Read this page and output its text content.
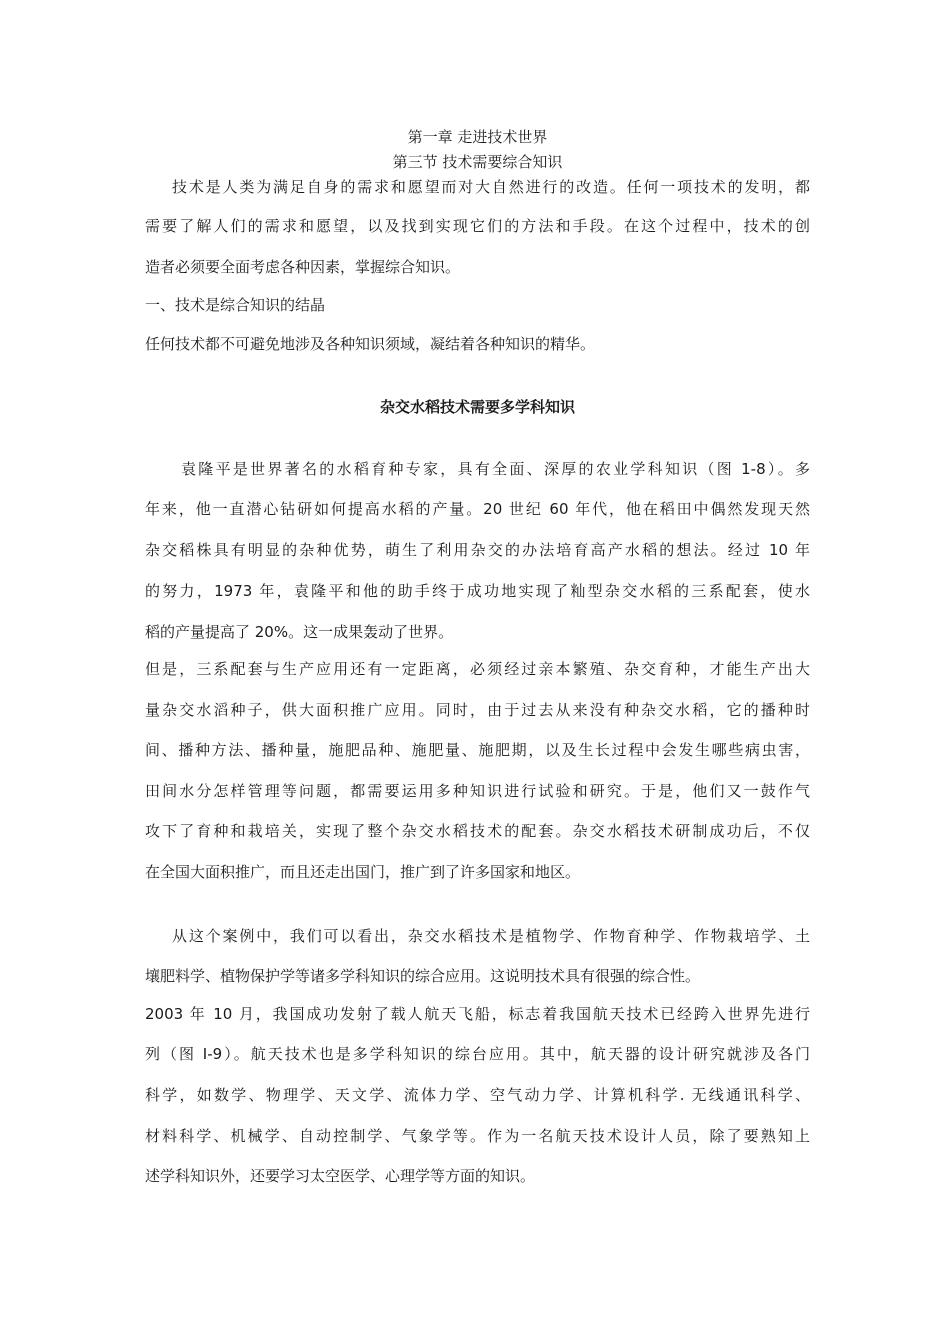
第一章 走进技术世界
第三节 技术需要综合知识
技术是人类为满足自身的需求和愿望而对大自然进行的改造。任何一项技术的发明，都
需要了解人们的需求和愿望，以及找到实现它们的方法和手段。在这个过程中，技术的创
造者必须要全面考虑各种因素，掌握综合知识。
一、技术是综合知识的结晶
任何技术都不可避免地涉及各种知识须域，凝结着各种知识的精华。
杂交水稻技术需要多学科知识
袁隆平是世界著名的水稻育种专家，具有全面、深厚的农业学科知识（图 1-8）。多
年来，他一直潜心钻研如何提高水稻的产量。20 世纪 60 年代，他在稻田中偶然发现天然
杂交稻株具有明显的杂种优势，萌生了利用杂交的办法培育高产水稻的想法。经过 10 年
的努力，1973 年，袁隆平和他的助手终于成功地实现了籼型杂交水稻的三系配套，使水
稻的产量提高了 20%。这一成果轰动了世界。
但是，三系配套与生产应用还有一定距离，必须经过亲本繁殖、杂交育种，才能生产出大
量杂交水滔种子，供大面积推广应用。同时，由于过去从来没有种杂交水稻，它的播种时
间、播种方法、播种量，施肥品种、施肥量、施肥期，以及生长过程中会发生哪些病虫害，
田间水分怎样管理等问题，都需要运用多种知识进行试验和研究。于是，他们又一鼓作气
攻下了育种和栽培关，实现了整个杂交水稻技术的配套。杂交水稻技术研制成功后，不仅
在全国大面积推广，而且还走出国门，推广到了许多国家和地区。
从这个案例中，我们可以看出，杂交水稻技术是植物学、作物育种学、作物栽培学、土
壤肥料学、植物保护学等诸多学科知识的综合应用。这说明技术具有很强的综合性。
2003 年 10 月，我国成功发射了载人航天飞船，标志着我国航天技术已经跨入世界先进行
列（图 I-9）。航天技术也是多学科知识的综台应用。其中，航天器的设计研究就涉及各门
科学，如数学、物理学、天文学、流体力学、空气动力学、计算机科学. 无线通讯科学、
材料科学、机械学、自动控制学、气象学等。作为一名航天技术设计人员，除了要熟知上
述学科知识外，还要学习太空医学、心理学等方面的知识。
